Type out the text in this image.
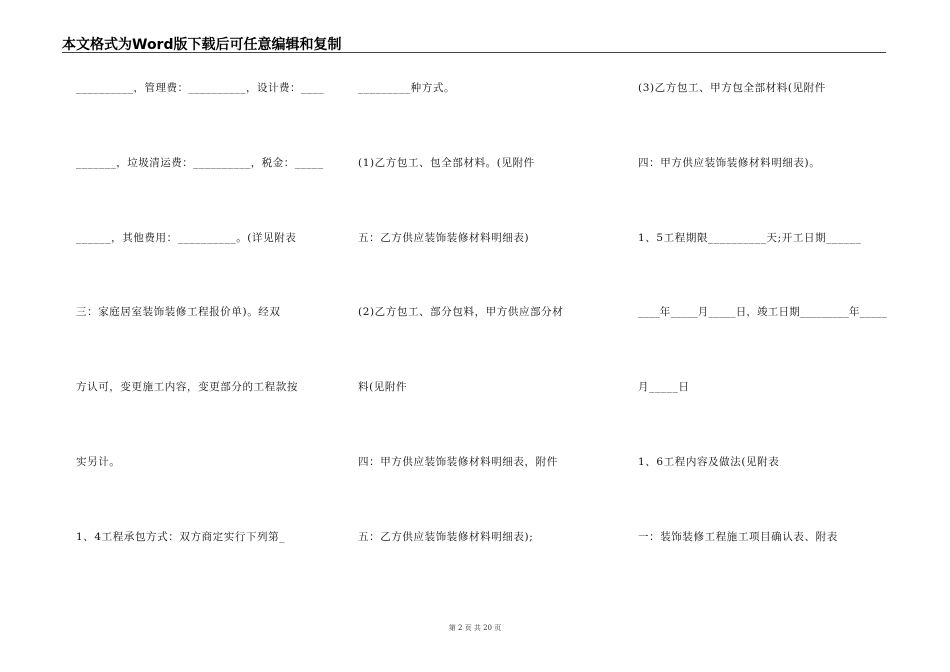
本文格式为Word版下载后可任意编辑和复制
__________，管理费：__________，设计费：____
_______，垃圾清运费：__________，税金：_____
______，其他费用：__________。(详见附表
三：家庭居室装饰装修工程报价单)。经双
方认可，变更施工内容，变更部分的工程款按
实另计。
1、4工程承包方式：双方商定实行下列第_
_________种方式。
(1)乙方包工、包全部材料。(见附件
五：乙方供应装饰装修材料明细表)
(2)乙方包工、部分包料，甲方供应部分材
料(见附件
四：甲方供应装饰装修材料明细表，附件
五：乙方供应装饰装修材料明细表);
(3)乙方包工、甲方包全部材料(见附件
四：甲方供应装饰装修材料明细表)。
1、5工程期限__________天;开工日期______
____年_____月_____日，竣工日期_________年_____
月_____日
1、6工程内容及做法(见附表
一：装饰装修工程施工项目确认表、附表
第 2 页 共 20 页
